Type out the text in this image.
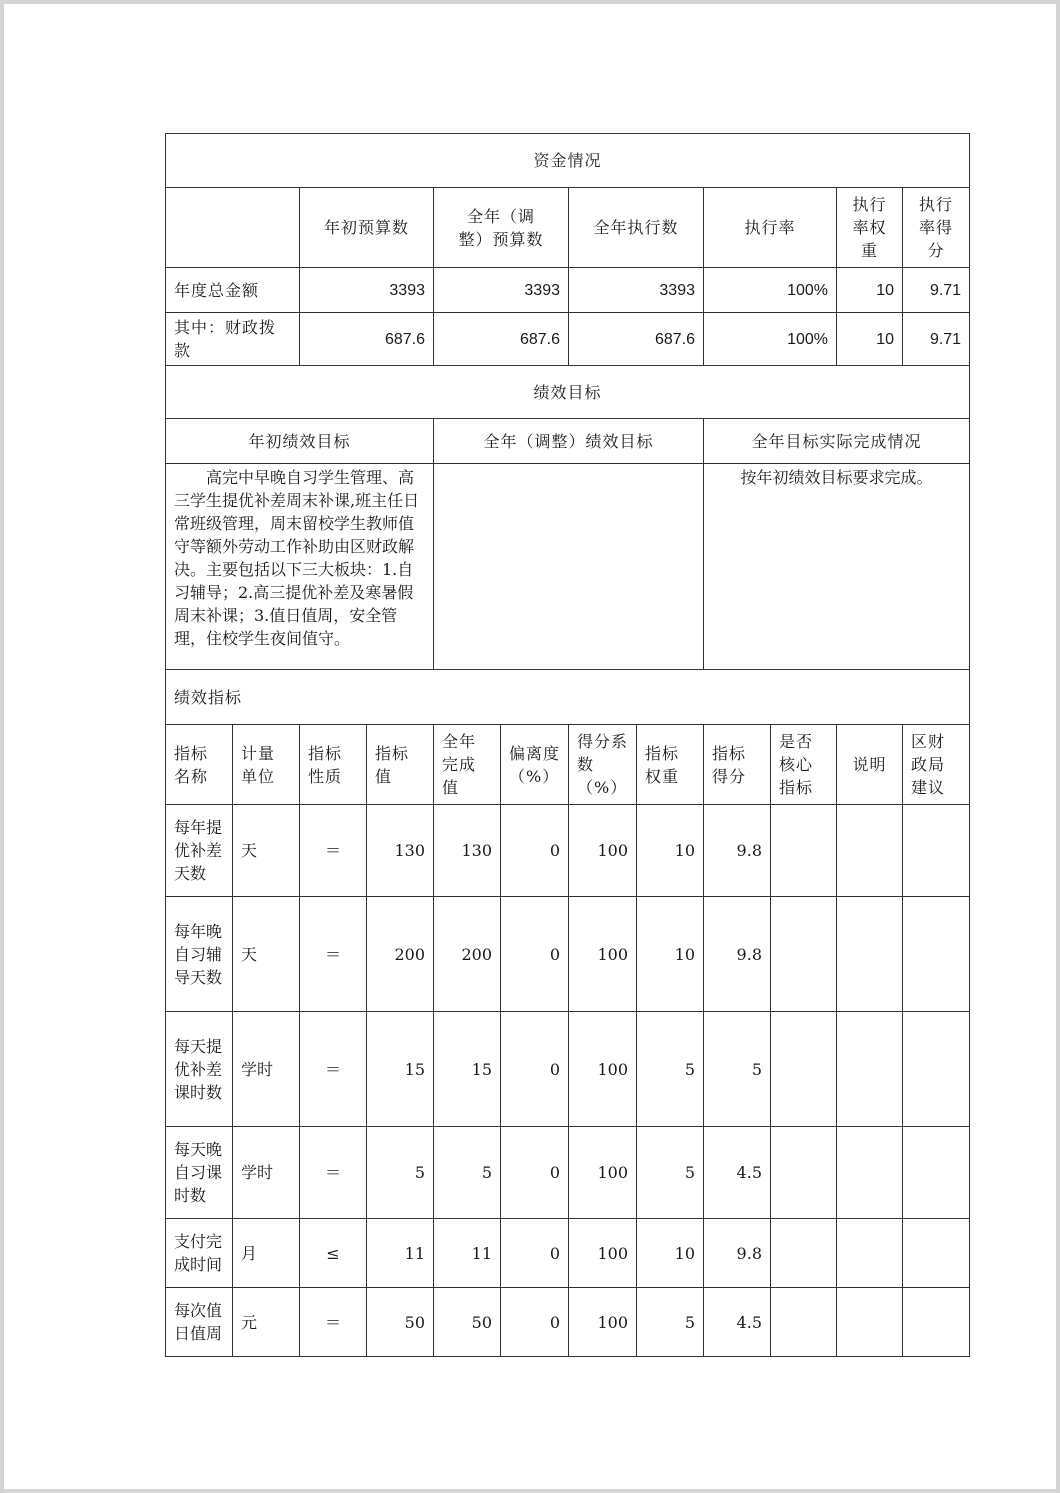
资金情况											
		年初预算数		全年（调整）预算数		全年执行数		执行率		执行率权重	执行率得分
年度总金额		3393		3393		3393		100%		10	9.71
其中：财政拨款		687.6		687.6		687.6		100%		10	9.71
绩效目标											
年初绩效目标				全年（调整）绩效目标				全年目标实际完成情况			
高完中早晚自习学生管理、高三学生提优补差周末补课,班主任日常班级管理，周末留校学生教师值守等额外劳动工作补助由区财政解决。主要包括以下三大板块：1.自习辅导；2.高三提优补差及寒暑假周末补课；3.值日值周，安全管理，住校学生夜间值守。								按年初绩效目标要求完成。			
绩效指标											
指标名称	计量单位	指标性质	指标值	全年完成值	偏离度（%）	得分系数（%）	指标权重	指标得分	是否核心指标	说明	区财政局建议
每年提优补差天数	天	＝	130	130	0	100	10	9.8			
每年晚自习辅导天数	天	＝	200	200	0	100	10	9.8			
每天提优补差课时数	学时	＝	15	15	0	100	5	5			
每天晚自习课时数	学时	＝	5	5	0	100	5	4.5			
支付完成时间	月	≤	11	11	0	100	10	9.8			
每次值日值周	元	＝	50	50	0	100	5	4.5			
